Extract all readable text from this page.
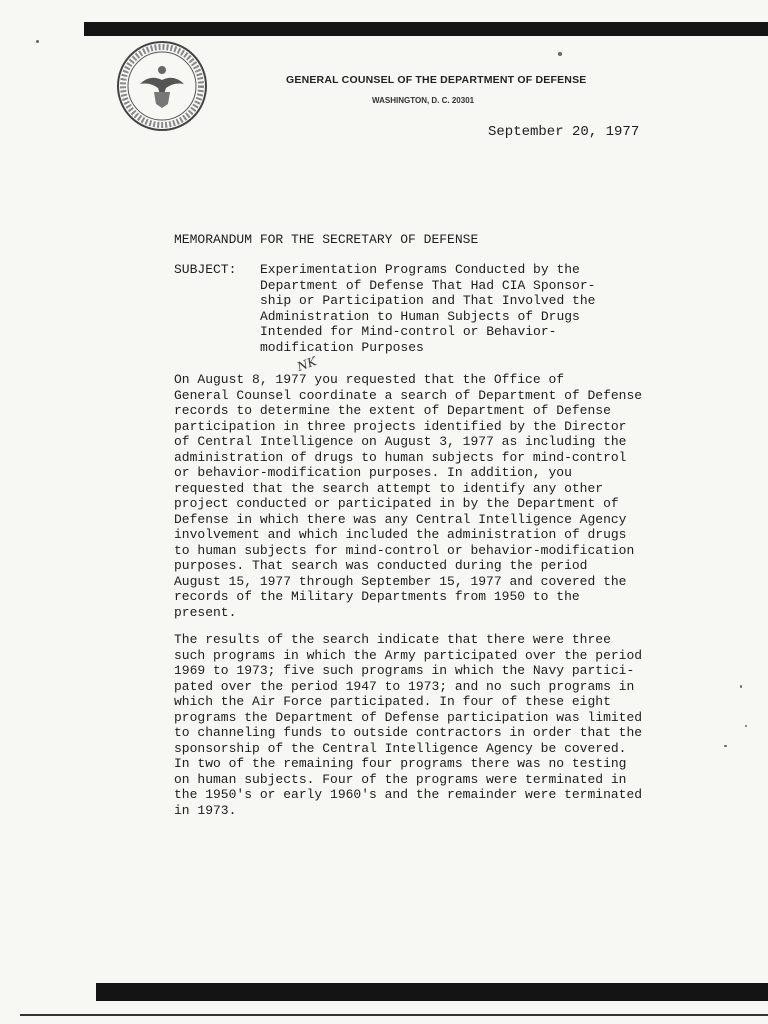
GENERAL COUNSEL OF THE DEPARTMENT OF DEFENSE
WASHINGTON, D. C. 20301
September 20, 1977
MEMORANDUM FOR THE SECRETARY OF DEFENSE
SUBJECT: Experimentation Programs Conducted by the
Department of Defense That Had CIA Sponsor-
ship or Participation and That Involved the
Administration to Human Subjects of Drugs
Intended for Mind-control or Behavior-
modification Purposes
NK
On August 8, 1977 you requested that the Office of
General Counsel coordinate a search of Department of Defense
records to determine the extent of Department of Defense
participation in three projects identified by the Director
of Central Intelligence on August 3, 1977 as including the
administration of drugs to human subjects for mind-control
or behavior-modification purposes. In addition, you
requested that the search attempt to identify any other
project conducted or participated in by the Department of
Defense in which there was any Central Intelligence Agency
involvement and which included the administration of drugs
to human subjects for mind-control or behavior-modification
purposes. That search was conducted during the period
August 15, 1977 through September 15, 1977 and covered the
records of the Military Departments from 1950 to the
present.
The results of the search indicate that there were three
such programs in which the Army participated over the period
1969 to 1973; five such programs in which the Navy partici-
pated over the period 1947 to 1973; and no such programs in
which the Air Force participated. In four of these eight
programs the Department of Defense participation was limited
to channeling funds to outside contractors in order that the
sponsorship of the Central Intelligence Agency be covered.
In two of the remaining four programs there was no testing
on human subjects. Four of the programs were terminated in
the 1950's or early 1960's and the remainder were terminated
in 1973.
